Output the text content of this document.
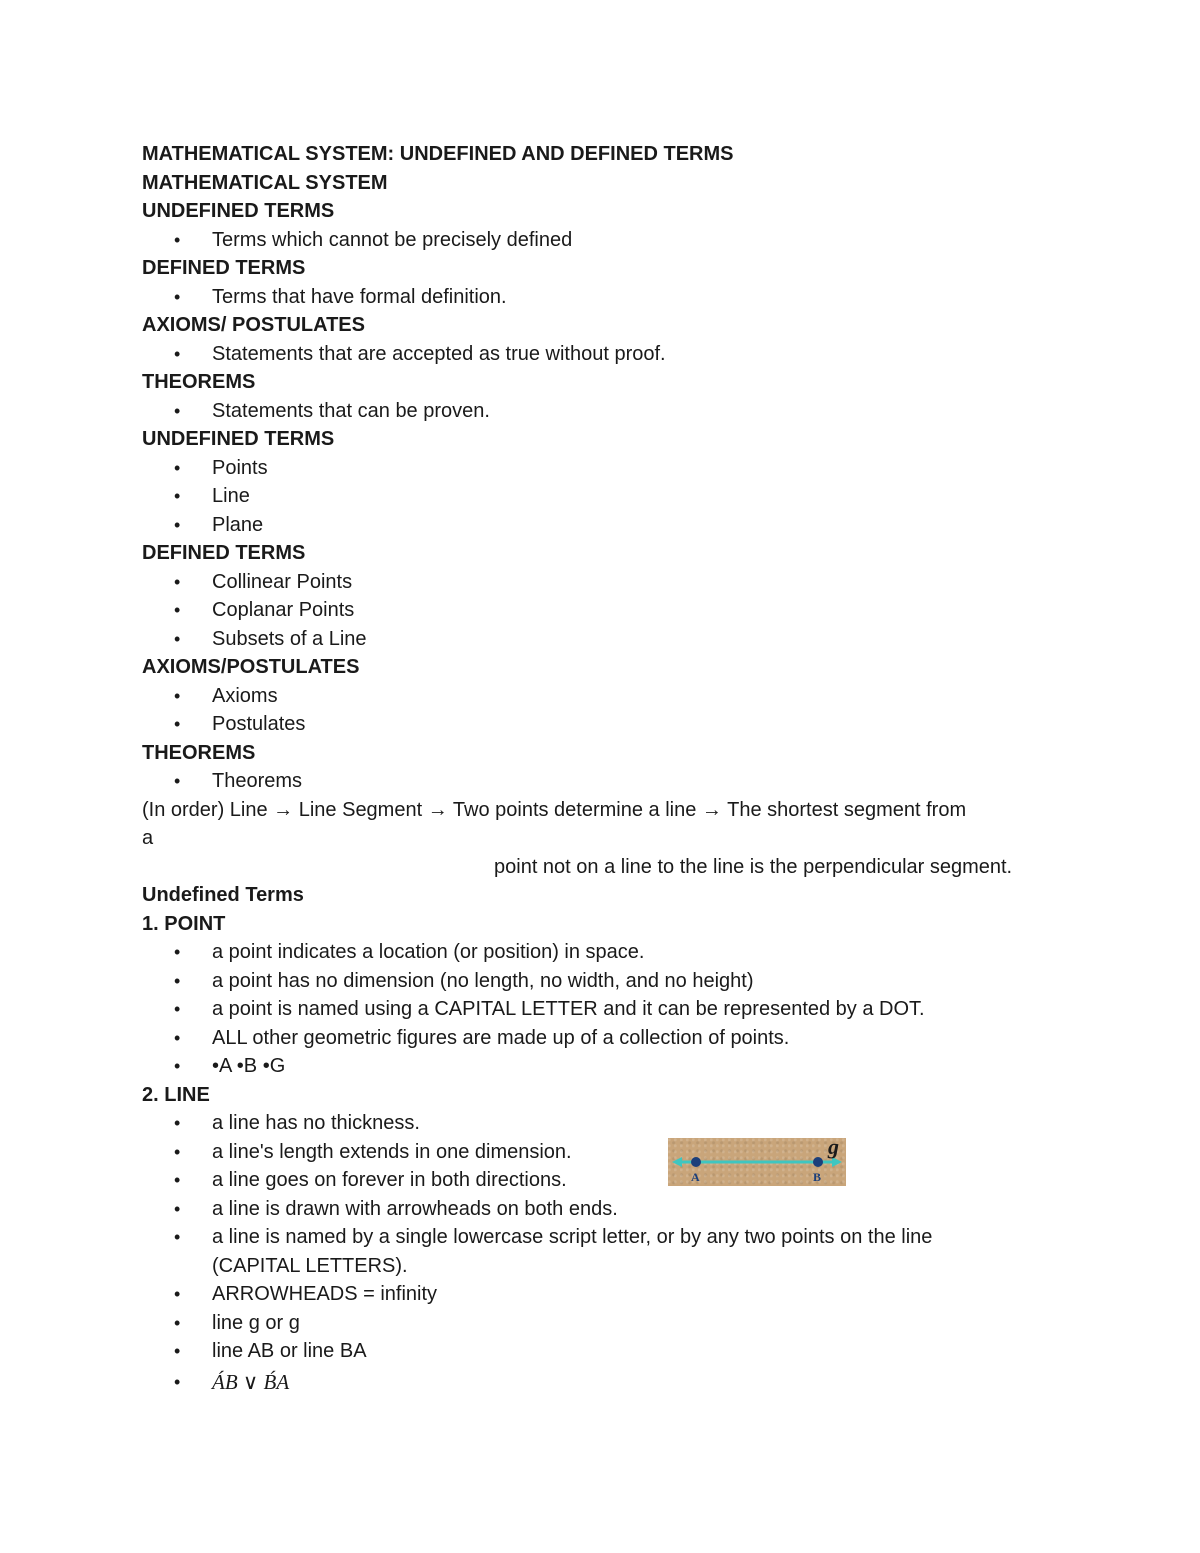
MATHEMATICAL SYSTEM: UNDEFINED AND DEFINED TERMS
MATHEMATICAL SYSTEM
UNDEFINED TERMS
• Terms which cannot be precisely defined
DEFINED TERMS
• Terms that have formal definition.
AXIOMS/ POSTULATES
• Statements that are accepted as true without proof.
THEOREMS
• Statements that can be proven.
UNDEFINED TERMS
• Points
• Line
• Plane
DEFINED TERMS
• Collinear Points
• Coplanar Points
• Subsets of a Line
AXIOMS/POSTULATES
• Axioms
• Postulates
THEOREMS
• Theorems
(In order) Line → Line Segment → Two points determine a line → The shortest segment from
a
point not on a line to the line is the perpendicular segment.
Undefined Terms
1. POINT
• a point indicates a location (or position) in space.
• a point has no dimension (no length, no width, and no height)
• a point is named using a CAPITAL LETTER and it can be represented by a DOT.
• ALL other geometric figures are made up of a collection of points.
• •A •B •G
2. LINE
• a line has no thickness.
• a line's length extends in one dimension.
• a line goes on forever in both directions.
• a line is drawn with arrowheads on both ends.
• a line is named by a single lowercase script letter, or by any two points on the line (CAPITAL LETTERS).
• ARROWHEADS = infinity
• line g or g
• line AB or line BA
• ÁB ∨ B́A
A	B
g
